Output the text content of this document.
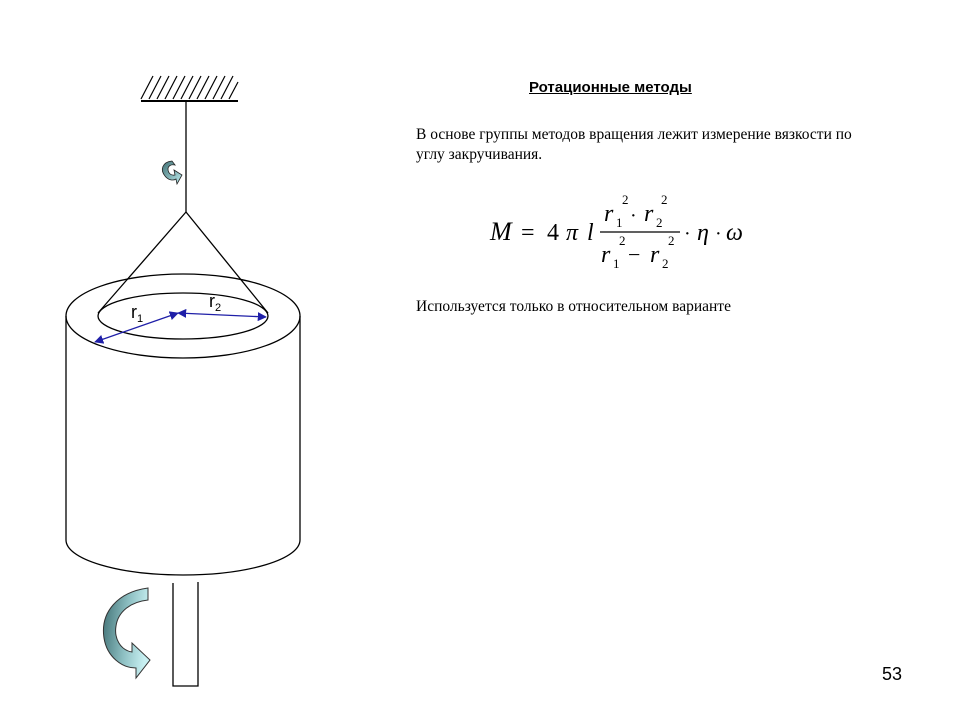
$r_1$
$r_2$
M = 4 π l
r
2
1 · r
2
2
r
2
1 − r
2
2
· η · ω
Ротационные методы
В основе группы методов вращения лежит измерение вязкости по углу закручивания.
Используется только в относительном варианте
53
